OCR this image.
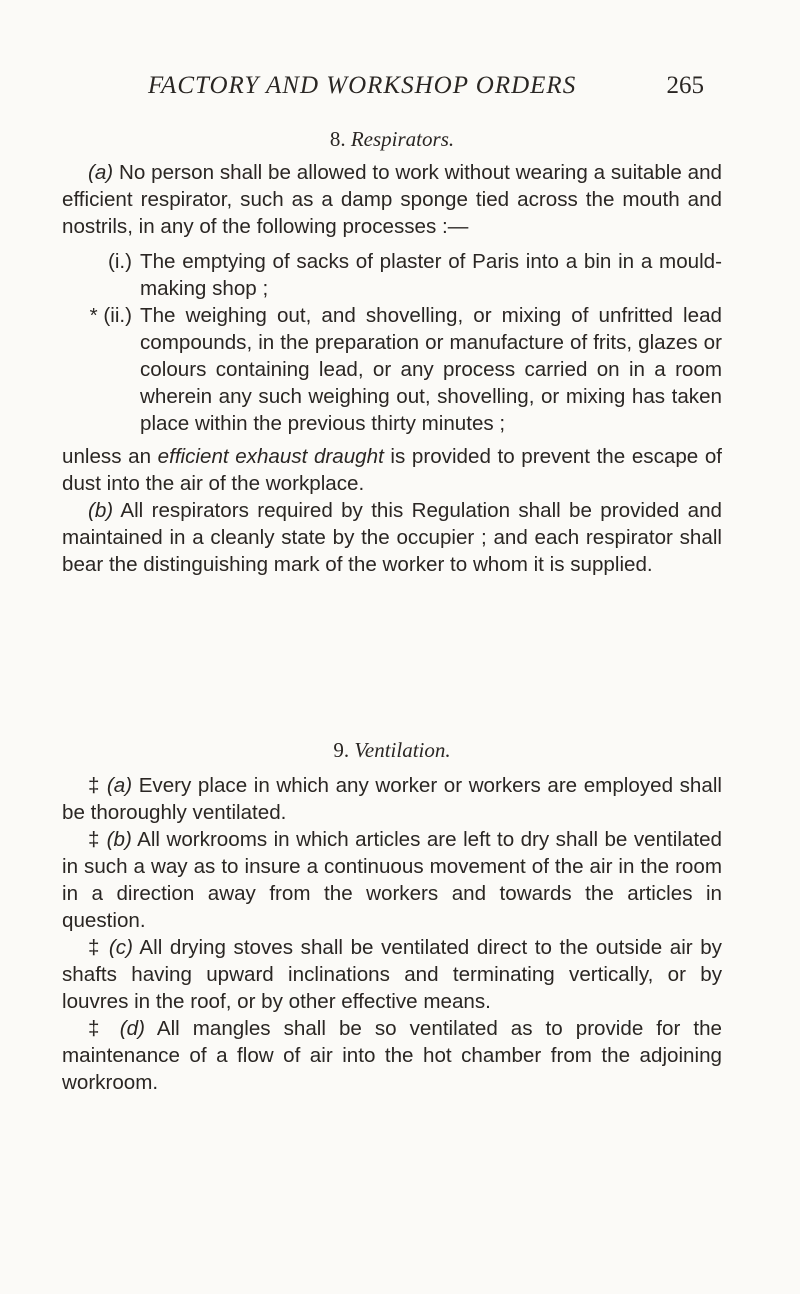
FACTORY AND WORKSHOP ORDERS	265
8. Respirators.

(a) No person shall be allowed to work without wearing a suitable and efficient respirator, such as a damp sponge tied across the mouth and nostrils, in any of the following processes :—

(i.) The emptying of sacks of plaster of Paris into a bin in a mould-making shop ;
* (ii.) The weighing out, and shovelling, or mixing of unfritted lead compounds, in the preparation or manufacture of frits, glazes or colours containing lead, or any process carried on in a room wherein any such weighing out, shovelling, or mixing has taken place within the previous thirty minutes ;

unless an efficient exhaust draught is provided to prevent the escape of dust into the air of the workplace.

(b) All respirators required by this Regulation shall be provided and maintained in a cleanly state by the occupier ; and each respirator shall bear the distinguishing mark of the worker to whom it is supplied.

9. Ventilation.

‡ (a) Every place in which any worker or workers are employed shall be thoroughly ventilated.

‡ (b) All workrooms in which articles are left to dry shall be ventilated in such a way as to insure a continuous movement of the air in the room in a direction away from the workers and towards the articles in question.

‡ (c) All drying stoves shall be ventilated direct to the outside air by shafts having upward inclinations and terminating vertically, or by louvres in the roof, or by other effective means.

‡ (d) All mangles shall be so ventilated as to provide for the maintenance of a flow of air into the hot chamber from the adjoining workroom.
